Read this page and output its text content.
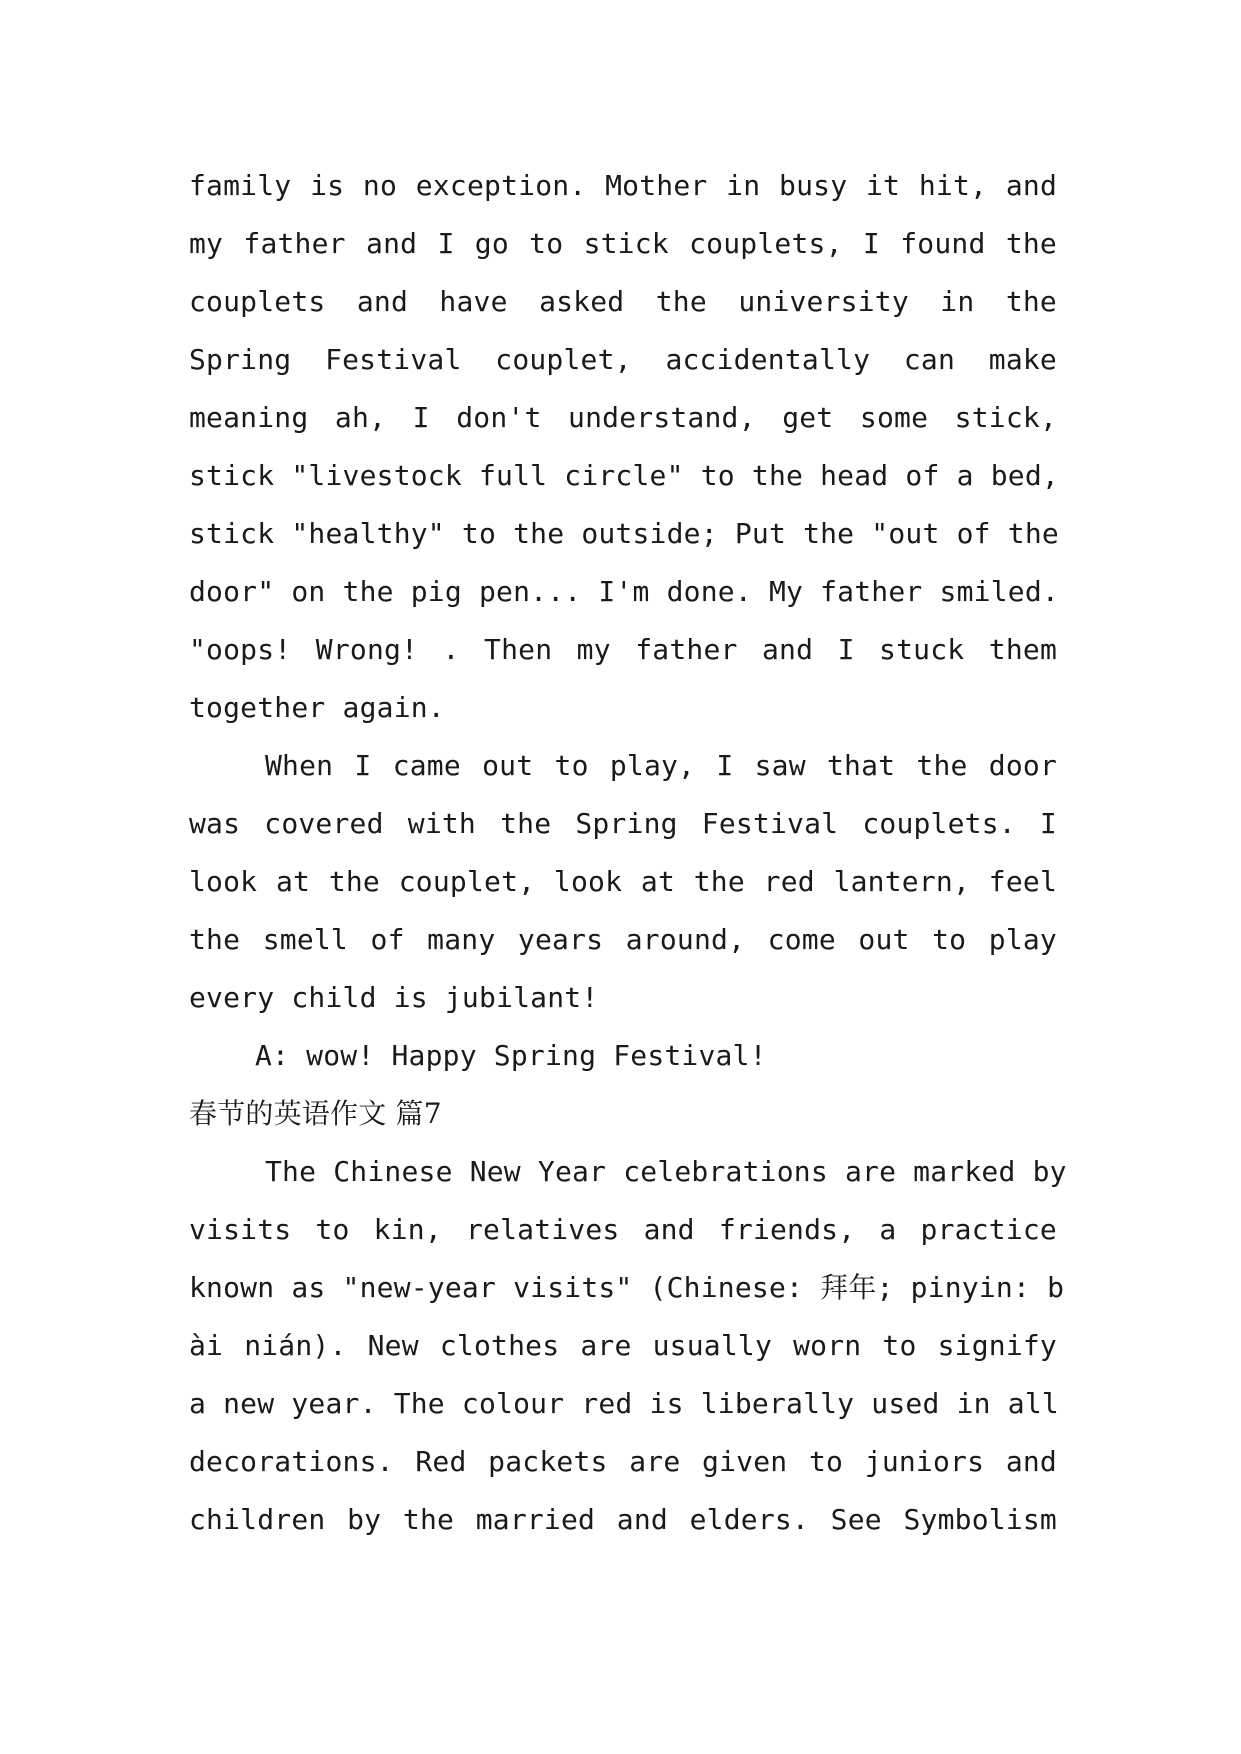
family is no exception. Mother in busy it hit, and
my father and I go to stick couplets, I found the
couplets and have asked the university in the
Spring Festival couplet, accidentally can make
meaning ah, I don't understand, get some stick,
stick "livestock full circle" to the head of a bed,
stick "healthy" to the outside; Put the "out of the
door" on the pig pen... I'm done. My father smiled.
"oops! Wrong! . Then my father and I stuck them
together again.
When I came out to play, I saw that the door
was covered with the Spring Festival couplets. I
look at the couplet, look at the red lantern, feel
the smell of many years around, come out to play
every child is jubilant!
A: wow! Happy Spring Festival!
春节的英语作文 篇7
The Chinese New Year celebrations are marked by
visits to kin, relatives and friends, a practice
known as "new-year visits" (Chinese: 拜年; pinyin: b
ài nián). New clothes are usually worn to signify
a new year. The colour red is liberally used in all
decorations. Red packets are given to juniors and
children by the married and elders. See Symbolism
